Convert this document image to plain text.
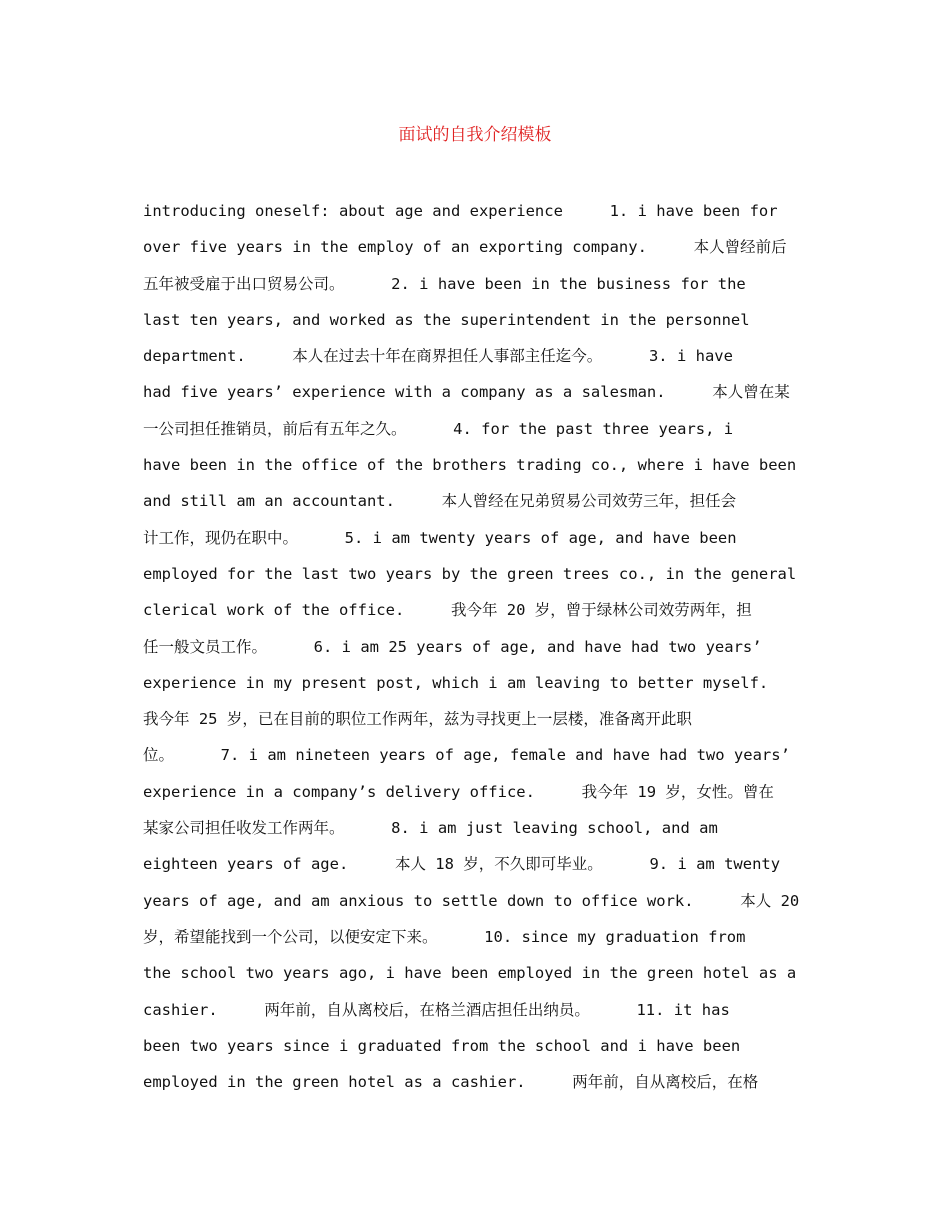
面试的自我介绍模板
introducing oneself: about age and experience     1. i have been for
over five years in the employ of an exporting company.     本人曾经前后
五年被受雇于出口贸易公司。     2. i have been in the business for the
last ten years, and worked as the superintendent in the personnel
department.     本人在过去十年在商界担任人事部主任迄今。     3. i have
had five years’ experience with a company as a salesman.     本人曾在某
一公司担任推销员，前后有五年之久。     4. for the past three years, i
have been in the office of the brothers trading co., where i have been
and still am an accountant.     本人曾经在兄弟贸易公司效劳三年，担任会
计工作，现仍在职中。     5. i am twenty years of age, and have been
employed for the last two years by the green trees co., in the general
clerical work of the office.     我今年 20 岁，曾于绿林公司效劳两年，担
任一般文员工作。     6. i am 25 years of age, and have had two years’
experience in my present post, which i am leaving to better myself.
我今年 25 岁，已在目前的职位工作两年，兹为寻找更上一层楼，准备离开此职
位。     7. i am nineteen years of age, female and have had two years’
experience in a company’s delivery office.     我今年 19 岁，女性。曾在
某家公司担任收发工作两年。     8. i am just leaving school, and am
eighteen years of age.     本人 18 岁，不久即可毕业。     9. i am twenty
years of age, and am anxious to settle down to office work.     本人 20
岁，希望能找到一个公司，以便安定下来。     10. since my graduation from
the school two years ago, i have been employed in the green hotel as a
cashier.     两年前，自从离校后，在格兰酒店担任出纳员。     11. it has
been two years since i graduated from the school and i have been
employed in the green hotel as a cashier.     两年前，自从离校后，在格
